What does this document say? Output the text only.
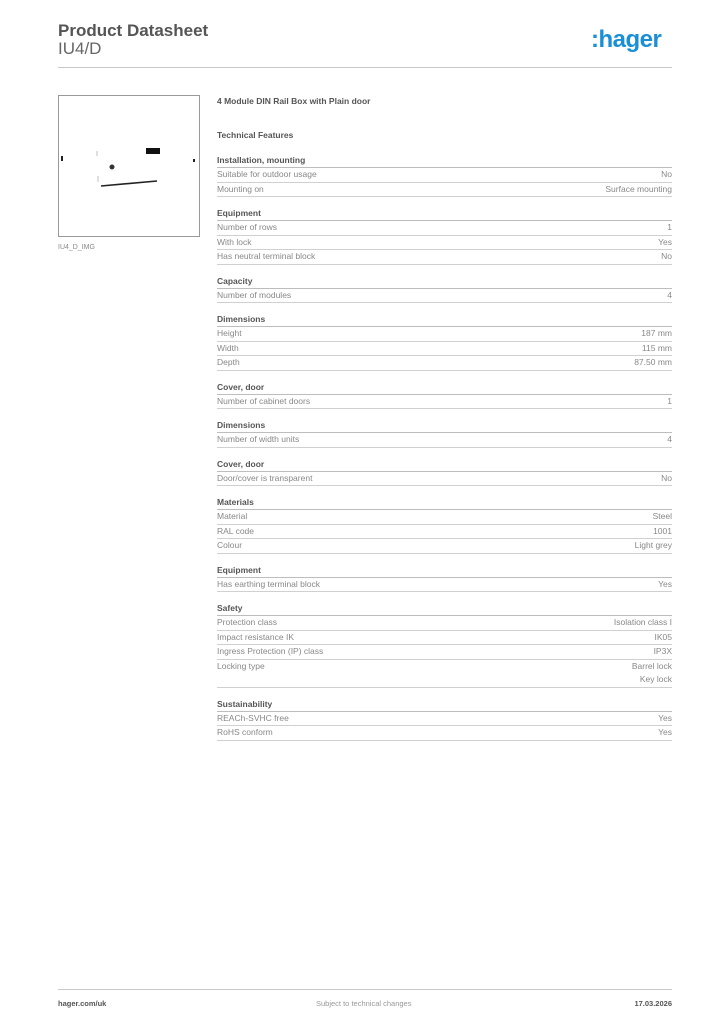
Product Datasheet
IU4/D	:hager
IU4_D_IMG
4 Module DIN Rail Box with Plain door
Technical Features
Installation, mounting
Suitable for outdoor usage	No
Mounting on	Surface mounting
Equipment
Number of rows	1
With lock	Yes
Has neutral terminal block	No
Capacity
Number of modules	4
Dimensions
Height	187 mm
Width	115 mm
Depth	87.50 mm
Cover, door
Number of cabinet doors	1
Dimensions
Number of width units	4
Cover, door
Door/cover is transparent	No
Materials
Material	Steel
RAL code	1001
Colour	Light grey
Equipment
Has earthing terminal block	Yes
Safety
Protection class	Isolation class I
Impact resistance IK	IK05
Ingress Protection (IP) class	IP3X
Locking type	Barrel lock
Key lock
Sustainability
REACh-SVHC free	Yes
RoHS conform	Yes
hager.com/uk	Subject to technical changes	17.03.2026
